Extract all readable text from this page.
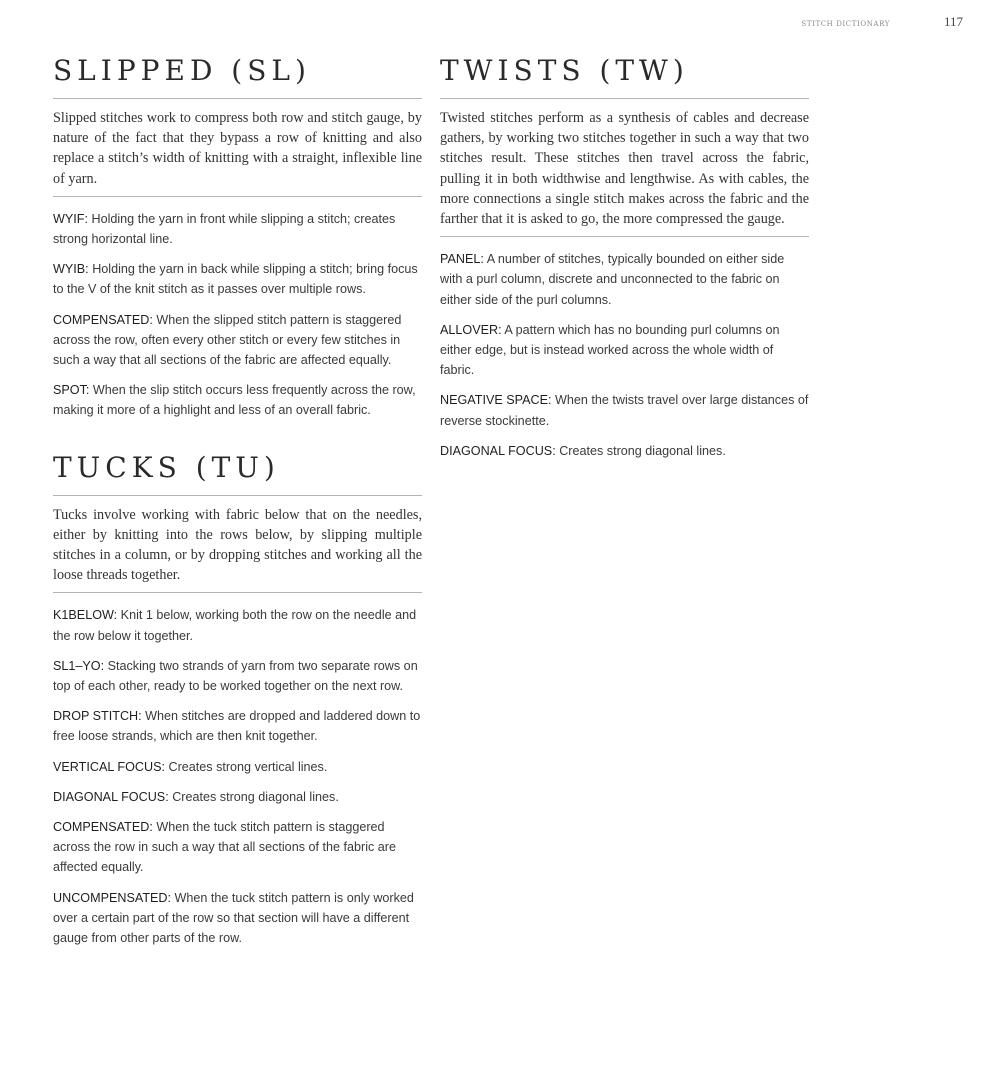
STITCH DICTIONARY	117
SLIPPED (SL)

Slipped stitches work to compress both row and stitch gauge, by nature of the fact that they bypass a row of knitting and also replace a stitch’s width of knitting with a straight, inflexible line of yarn.

WYIF: Holding the yarn in front while slipping a stitch; creates strong horizontal line.

WYIB: Holding the yarn in back while slipping a stitch; bring focus to the V of the knit stitch as it passes over multiple rows.

COMPENSATED: When the slipped stitch pattern is staggered across the row, often every other stitch or every few stitches in such a way that all sections of the fabric are affected equally.

SPOT: When the slip stitch occurs less frequently across the row, making it more of a highlight and less of an overall fabric.

TUCKS (TU)

Tucks involve working with fabric below that on the needles, either by knitting into the rows below, by slipping multiple stitches in a column, or by dropping stitches and working all the loose threads together.

K1BELOW: Knit 1 below, working both the row on the needle and the row below it together.

SL1–YO: Stacking two strands of yarn from two separate rows on top of each other, ready to be worked together on the next row.

DROP STITCH: When stitches are dropped and laddered down to free loose strands, which are then knit together.

VERTICAL FOCUS: Creates strong vertical lines.

DIAGONAL FOCUS: Creates strong diagonal lines.

COMPENSATED: When the tuck stitch pattern is staggered across the row in such a way that all sections of the fabric are affected equally.

UNCOMPENSATED: When the tuck stitch pattern is only worked over a certain part of the row so that section will have a different gauge from other parts of the row.

TWISTS (TW)

Twisted stitches perform as a synthesis of cables and decrease gathers, by working two stitches together in such a way that two stitches result. These stitches then travel across the fabric, pulling it in both widthwise and lengthwise. As with cables, the more connections a single stitch makes across the fabric and the farther that it is asked to go, the more compressed the gauge.

PANEL: A number of stitches, typically bounded on either side with a purl column, discrete and unconnected to the fabric on either side of the purl columns.

ALLOVER: A pattern which has no bounding purl columns on either edge, but is instead worked across the whole width of fabric.

NEGATIVE SPACE: When the twists travel over large distances of reverse stockinette.

DIAGONAL FOCUS: Creates strong diagonal lines.
